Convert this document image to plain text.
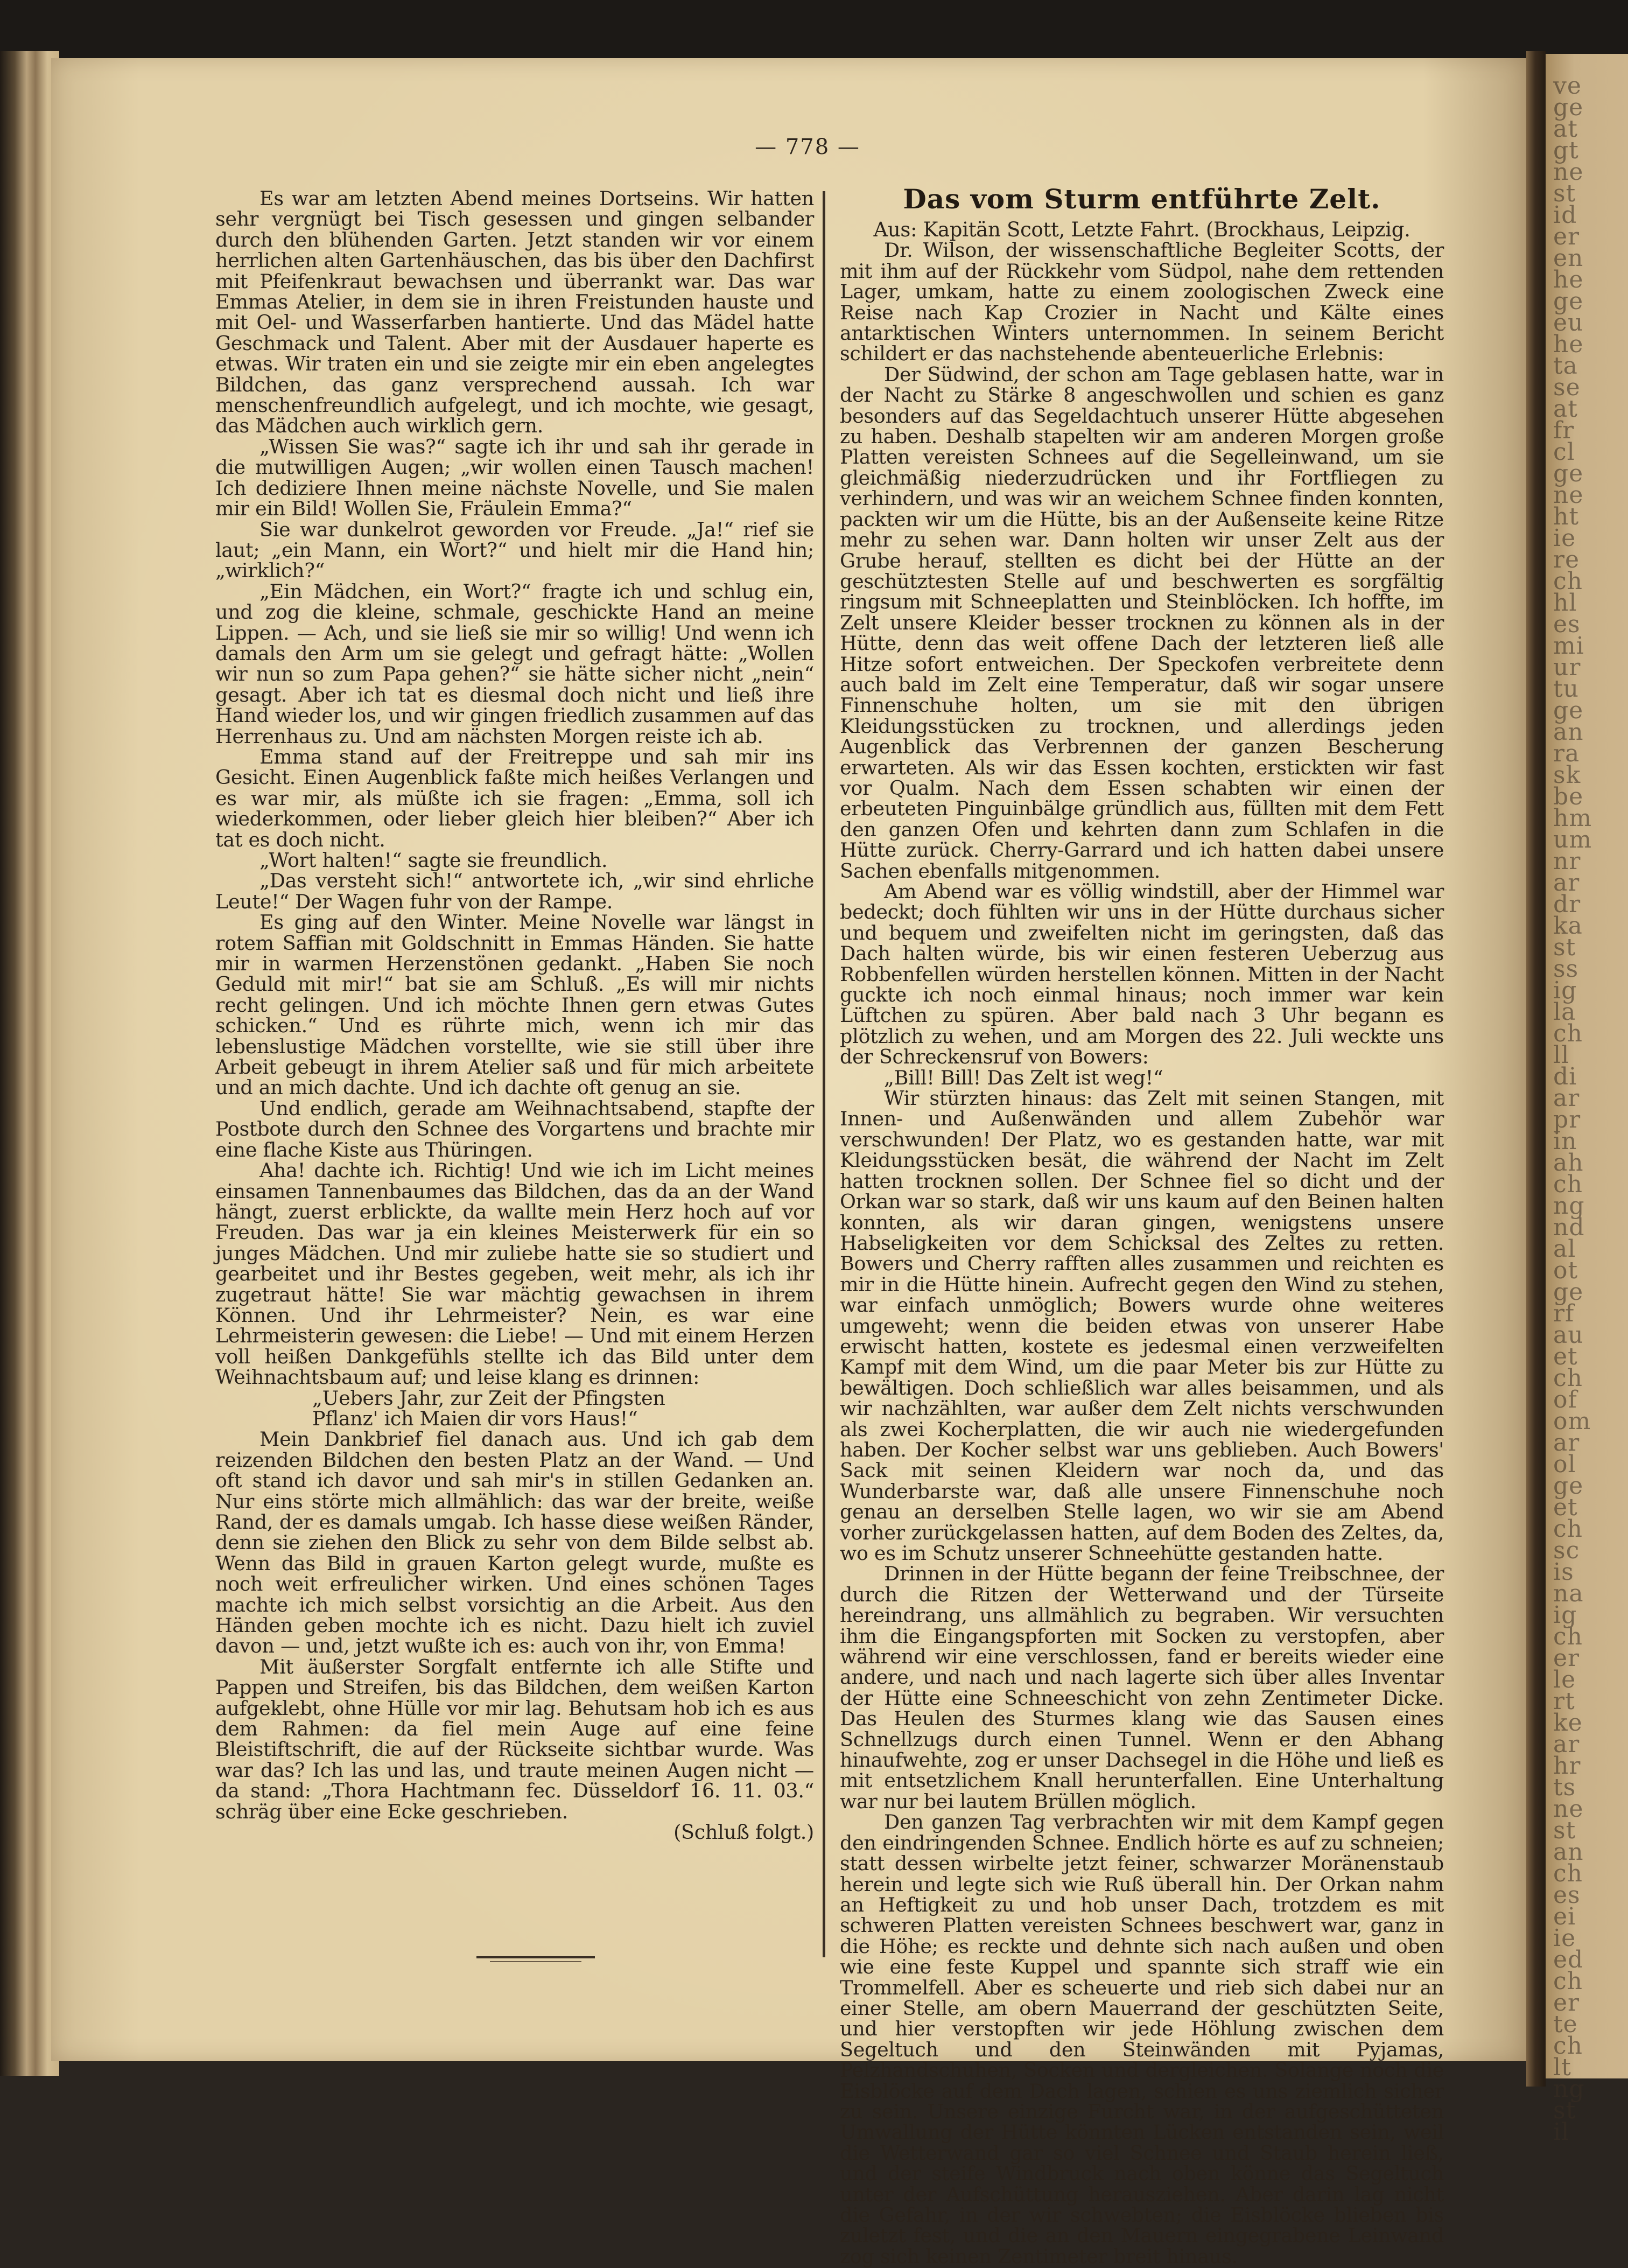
ve
ge
at
gt
ne
st
id
er
en
he
ge
eu
he
ta
se
at
fr
cl
ge
ne
ht
ie
re
ch
hl
es
mi
ur
tu
ge
an
ra
sk
be
hm
um
nr
ar
dr
ka
st
ss
ig
la
ch
ll
di
ar
pr
in
ah
ch
ng
nd
al
ot
ge
rf
au
et
ch
of
om
ar
ol
ge
et
ch
sc
is
na
ig
ch
er
le
rt
ke
ar
hr
ts
ne
st
an
ch
es
ei
ie
ed
ch
er
te
ch
lt
ng
st
il
— 778 —

Es war am letzten Abend meines Dortseins. Wir hatten sehr vergnügt bei Tisch gesessen und gingen selbander durch den blühenden Garten. Jetzt standen wir vor einem herrlichen alten Gartenhäuschen, das bis über den Dachfirst mit Pfeifenkraut bewachsen und überrankt war. Das war Emmas Atelier, in dem sie in ihren Freistunden hauste und mit Oel- und Wasserfarben hantierte. Und das Mädel hatte Geschmack und Talent. Aber mit der Ausdauer haperte es etwas. Wir traten ein und sie zeigte mir ein eben angelegtes Bildchen, das ganz versprechend aussah. Ich war menschenfreundlich aufgelegt, und ich mochte, wie gesagt, das Mädchen auch wirklich gern.

„Wissen Sie was?“ sagte ich ihr und sah ihr gerade in die mutwilligen Augen; „wir wollen einen Tausch machen! Ich dediziere Ihnen meine nächste Novelle, und Sie malen mir ein Bild! Wollen Sie, Fräulein Emma?“

Sie war dunkelrot geworden vor Freude. „Ja!“ rief sie laut; „ein Mann, ein Wort?“ und hielt mir die Hand hin; „wirklich?“

„Ein Mädchen, ein Wort?“ fragte ich und schlug ein, und zog die kleine, schmale, geschickte Hand an meine Lippen. — Ach, und sie ließ sie mir so willig! Und wenn ich damals den Arm um sie gelegt und gefragt hätte: „Wollen wir nun so zum Papa gehen?“ sie hätte sicher nicht „nein“ gesagt. Aber ich tat es diesmal doch nicht und ließ ihre Hand wieder los, und wir gingen friedlich zusammen auf das Herrenhaus zu. Und am nächsten Morgen reiste ich ab.

Emma stand auf der Freitreppe und sah mir ins Gesicht. Einen Augenblick faßte mich heißes Verlangen und es war mir, als müßte ich sie fragen: „Emma, soll ich wiederkommen, oder lieber gleich hier bleiben?“ Aber ich tat es doch nicht.

„Wort halten!“ sagte sie freundlich.

„Das versteht sich!“ antwortete ich, „wir sind ehrliche Leute!“ Der Wagen fuhr von der Rampe.

Es ging auf den Winter. Meine Novelle war längst in rotem Saffian mit Goldschnitt in Emmas Händen. Sie hatte mir in warmen Herzenstönen gedankt. „Haben Sie noch Geduld mit mir!“ bat sie am Schluß. „Es will mir nichts recht gelingen. Und ich möchte Ihnen gern etwas Gutes schicken.“ Und es rührte mich, wenn ich mir das lebenslustige Mädchen vorstellte, wie sie still über ihre Arbeit gebeugt in ihrem Atelier saß und für mich arbeitete und an mich dachte. Und ich dachte oft genug an sie.

Und endlich, gerade am Weihnachtsabend, stapfte der Postbote durch den Schnee des Vorgartens und brachte mir eine flache Kiste aus Thüringen.

Aha! dachte ich. Richtig! Und wie ich im Licht meines einsamen Tannenbaumes das Bildchen, das da an der Wand hängt, zuerst erblickte, da wallte mein Herz hoch auf vor Freuden. Das war ja ein kleines Meisterwerk für ein so junges Mädchen. Und mir zuliebe hatte sie so studiert und gearbeitet und ihr Bestes gegeben, weit mehr, als ich ihr zugetraut hätte! Sie war mächtig gewachsen in ihrem Können. Und ihr Lehrmeister? Nein, es war eine Lehrmeisterin gewesen: die Liebe! — Und mit einem Herzen voll heißen Dankgefühls stellte ich das Bild unter dem Weihnachtsbaum auf; und leise klang es drinnen:

„Uebers Jahr, zur Zeit der Pfingsten

Pflanz' ich Maien dir vors Haus!“

Mein Dankbrief fiel danach aus. Und ich gab dem reizenden Bildchen den besten Platz an der Wand. — Und oft stand ich davor und sah mir's in stillen Gedanken an. Nur eins störte mich allmählich: das war der breite, weiße Rand, der es damals umgab. Ich hasse diese weißen Ränder, denn sie ziehen den Blick zu sehr von dem Bilde selbst ab. Wenn das Bild in grauen Karton gelegt wurde, mußte es noch weit erfreulicher wirken. Und eines schönen Tages machte ich mich selbst vorsichtig an die Arbeit. Aus den Händen geben mochte ich es nicht. Dazu hielt ich zuviel davon — und, jetzt wußte ich es: auch von ihr, von Emma!

Mit äußerster Sorgfalt entfernte ich alle Stifte und Pappen und Streifen, bis das Bildchen, dem weißen Karton aufgeklebt, ohne Hülle vor mir lag. Behutsam hob ich es aus dem Rahmen: da fiel mein Auge auf eine feine Bleistiftschrift, die auf der Rückseite sichtbar wurde. Was war das? Ich las und las, und traute meinen Augen nicht — da stand: „Thora Hachtmann fec. Düsseldorf 16. 11. 03.“ schräg über eine Ecke geschrieben.

(Schluß folgt.)

Das vom Sturm entführte Zelt.

Aus: Kapitän Scott, Letzte Fahrt. (Brockhaus, Leipzig.

Dr. Wilson, der wissenschaftliche Begleiter Scotts, der mit ihm auf der Rückkehr vom Südpol, nahe dem rettenden Lager, umkam, hatte zu einem zoologischen Zweck eine Reise nach Kap Crozier in Nacht und Kälte eines antarktischen Winters unternommen. In seinem Bericht schildert er das nachstehende abenteuerliche Erlebnis:

Der Südwind, der schon am Tage geblasen hatte, war in der Nacht zu Stärke 8 angeschwollen und schien es ganz besonders auf das Segeldachtuch unserer Hütte abgesehen zu haben. Deshalb stapelten wir am anderen Morgen große Platten vereisten Schnees auf die Segelleinwand, um sie gleichmäßig niederzudrücken und ihr Fortfliegen zu verhindern, und was wir an weichem Schnee finden konnten, packten wir um die Hütte, bis an der Außenseite keine Ritze mehr zu sehen war. Dann holten wir unser Zelt aus der Grube herauf, stellten es dicht bei der Hütte an der geschütztesten Stelle auf und beschwerten es sorgfältig ringsum mit Schneeplatten und Steinblöcken. Ich hoffte, im Zelt unsere Kleider besser trocknen zu können als in der Hütte, denn das weit offene Dach der letzteren ließ alle Hitze sofort entweichen. Der Speckofen verbreitete denn auch bald im Zelt eine Temperatur, daß wir sogar unsere Finnenschuhe holten, um sie mit den übrigen Kleidungsstücken zu trocknen, und allerdings jeden Augenblick das Verbrennen der ganzen Bescherung erwarteten. Als wir das Essen kochten, erstickten wir fast vor Qualm. Nach dem Essen schabten wir einen der erbeuteten Pinguinbälge gründlich aus, füllten mit dem Fett den ganzen Ofen und kehrten dann zum Schlafen in die Hütte zurück. Cherry-Garrard und ich hatten dabei unsere Sachen ebenfalls mitgenommen.

Am Abend war es völlig windstill, aber der Himmel war bedeckt; doch fühlten wir uns in der Hütte durchaus sicher und bequem und zweifelten nicht im geringsten, daß das Dach halten würde, bis wir einen festeren Ueberzug aus Robbenfellen würden herstellen können. Mitten in der Nacht guckte ich noch einmal hinaus; noch immer war kein Lüftchen zu spüren. Aber bald nach 3 Uhr begann es plötzlich zu wehen, und am Morgen des 22. Juli weckte uns der Schreckensruf von Bowers:

„Bill! Bill! Das Zelt ist weg!“

Wir stürzten hinaus: das Zelt mit seinen Stangen, mit Innen- und Außenwänden und allem Zubehör war verschwunden! Der Platz, wo es gestanden hatte, war mit Kleidungsstücken besät, die während der Nacht im Zelt hatten trocknen sollen. Der Schnee fiel so dicht und der Orkan war so stark, daß wir uns kaum auf den Beinen halten konnten, als wir daran gingen, wenigstens unsere Habseligkeiten vor dem Schicksal des Zeltes zu retten. Bowers und Cherry rafften alles zusammen und reichten es mir in die Hütte hinein. Aufrecht gegen den Wind zu stehen, war einfach unmöglich; Bowers wurde ohne weiteres umgeweht; wenn die beiden etwas von unserer Habe erwischt hatten, kostete es jedesmal einen verzweifelten Kampf mit dem Wind, um die paar Meter bis zur Hütte zu bewältigen. Doch schließlich war alles beisammen, und als wir nachzählten, war außer dem Zelt nichts verschwunden als zwei Kocherplatten, die wir auch nie wiedergefunden haben. Der Kocher selbst war uns geblieben. Auch Bowers' Sack mit seinen Kleidern war noch da, und das Wunderbarste war, daß alle unsere Finnenschuhe noch genau an derselben Stelle lagen, wo wir sie am Abend vorher zurückgelassen hatten, auf dem Boden des Zeltes, da, wo es im Schutz unserer Schneehütte gestanden hatte.

Drinnen in der Hütte begann der feine Treibschnee, der durch die Ritzen der Wetterwand und der Türseite hereindrang, uns allmählich zu begraben. Wir versuchten ihm die Eingangspforten mit Socken zu verstopfen, aber während wir eine verschlossen, fand er bereits wieder eine andere, und nach und nach lagerte sich über alles Inventar der Hütte eine Schneeschicht von zehn Zentimeter Dicke. Das Heulen des Sturmes klang wie das Sausen eines Schnellzugs durch einen Tunnel. Wenn er den Abhang hinaufwehte, zog er unser Dachsegel in die Höhe und ließ es mit entsetzlichem Knall herunterfallen. Eine Unterhaltung war nur bei lautem Brüllen möglich.

Den ganzen Tag verbrachten wir mit dem Kampf gegen den eindringenden Schnee. Endlich hörte es auf zu schneien; statt dessen wirbelte jetzt feiner, schwarzer Moränenstaub herein und legte sich wie Ruß überall hin. Der Orkan nahm an Heftigkeit zu und hob unser Dach, trotzdem es mit schweren Platten vereisten Schnees beschwert war, ganz in die Höhe; es reckte und dehnte sich nach außen und oben wie eine feste Kuppel und spannte sich straff wie ein Trommelfell. Aber es scheuerte und rieb sich dabei nur an einer Stelle, am obern Mauerrand der geschützten Seite, und hier verstopften wir jede Höhlung zwischen dem Segeltuch und den Steinwänden mit Pyjamas, Pelzhandschuhen, Socken und dergleichen. Solange noch die Eisblöcke auf dem Dach lagen, schien es uns ziemlich sicher zu sein. Unsere einzige Furcht war, in der aufgeschütteten Umwallung der Hütte könnten Lücken entstanden sein, weil die Wetterwand gar so viel Schnee und Staub herein ließ, und der steife Windbruck nach oben könne das Segeltuch unter der Aufschüttung herausziehen. Aber darin lag nicht die Gefahr, in der wir schwebten; die Eisblöcke blieben bis zuletzt fest, und die an den Mauern eingegrabene Leinwand zog sich keinen Zentimeter breit hinaus.
